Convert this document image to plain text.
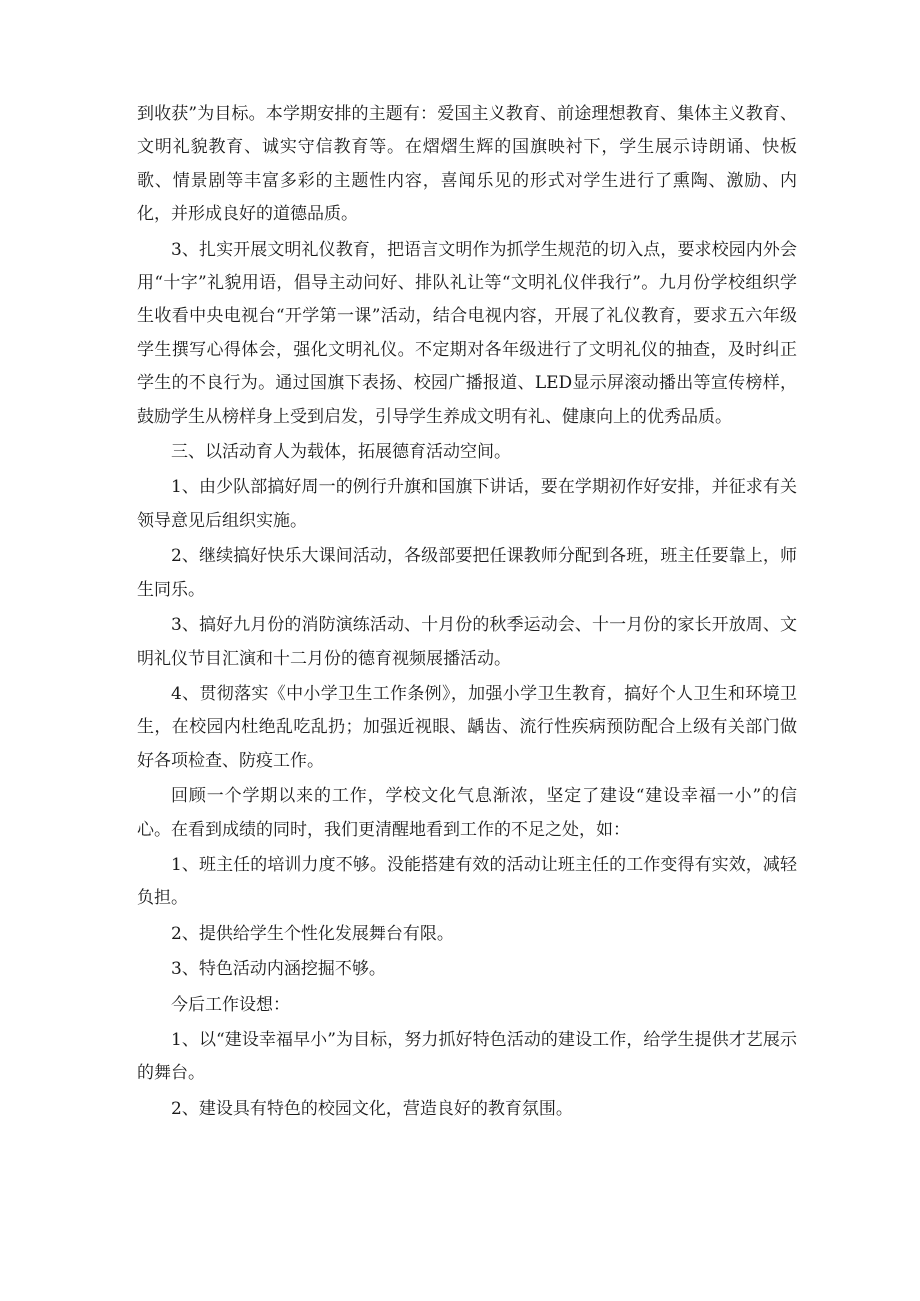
到收获”为目标。本学期安排的主题有：爱国主义教育、前途理想教育、集体主义教育、文明礼貌教育、诚实守信教育等。在熠熠生辉的国旗映衬下，学生展示诗朗诵、快板歌、情景剧等丰富多彩的主题性内容，喜闻乐见的形式对学生进行了熏陶、激励、内化，并形成良好的道德品质。

3、扎实开展文明礼仪教育，把语言文明作为抓学生规范的切入点，要求校园内外会用“十字”礼貌用语，倡导主动问好、排队礼让等“文明礼仪伴我行”。九月份学校组织学生收看中央电视台“开学第一课”活动，结合电视内容，开展了礼仪教育，要求五六年级学生撰写心得体会，强化文明礼仪。不定期对各年级进行了文明礼仪的抽查，及时纠正学生的不良行为。通过国旗下表扬、校园广播报道、LED显示屏滚动播出等宣传榜样，鼓励学生从榜样身上受到启发，引导学生养成文明有礼、健康向上的优秀品质。

三、以活动育人为载体，拓展德育活动空间。

1、由少队部搞好周一的例行升旗和国旗下讲话，要在学期初作好安排，并征求有关领导意见后组织实施。

2、继续搞好快乐大课间活动，各级部要把任课教师分配到各班，班主任要靠上，师生同乐。

3、搞好九月份的消防演练活动、十月份的秋季运动会、十一月份的家长开放周、文明礼仪节目汇演和十二月份的德育视频展播活动。

4、贯彻落实《中小学卫生工作条例》，加强小学卫生教育，搞好个人卫生和环境卫生，在校园内杜绝乱吃乱扔；加强近视眼、龋齿、流行性疾病预防配合上级有关部门做好各项检查、防疫工作。

回顾一个学期以来的工作，学校文化气息渐浓，坚定了建设“建设幸福一小”的信心。在看到成绩的同时，我们更清醒地看到工作的不足之处，如：

1、班主任的培训力度不够。没能搭建有效的活动让班主任的工作变得有实效，减轻负担。

2、提供给学生个性化发展舞台有限。

3、特色活动内涵挖掘不够。

今后工作设想：

1、以“建设幸福早小”为目标，努力抓好特色活动的建设工作，给学生提供才艺展示的舞台。

2、建设具有特色的校园文化，营造良好的教育氛围。
